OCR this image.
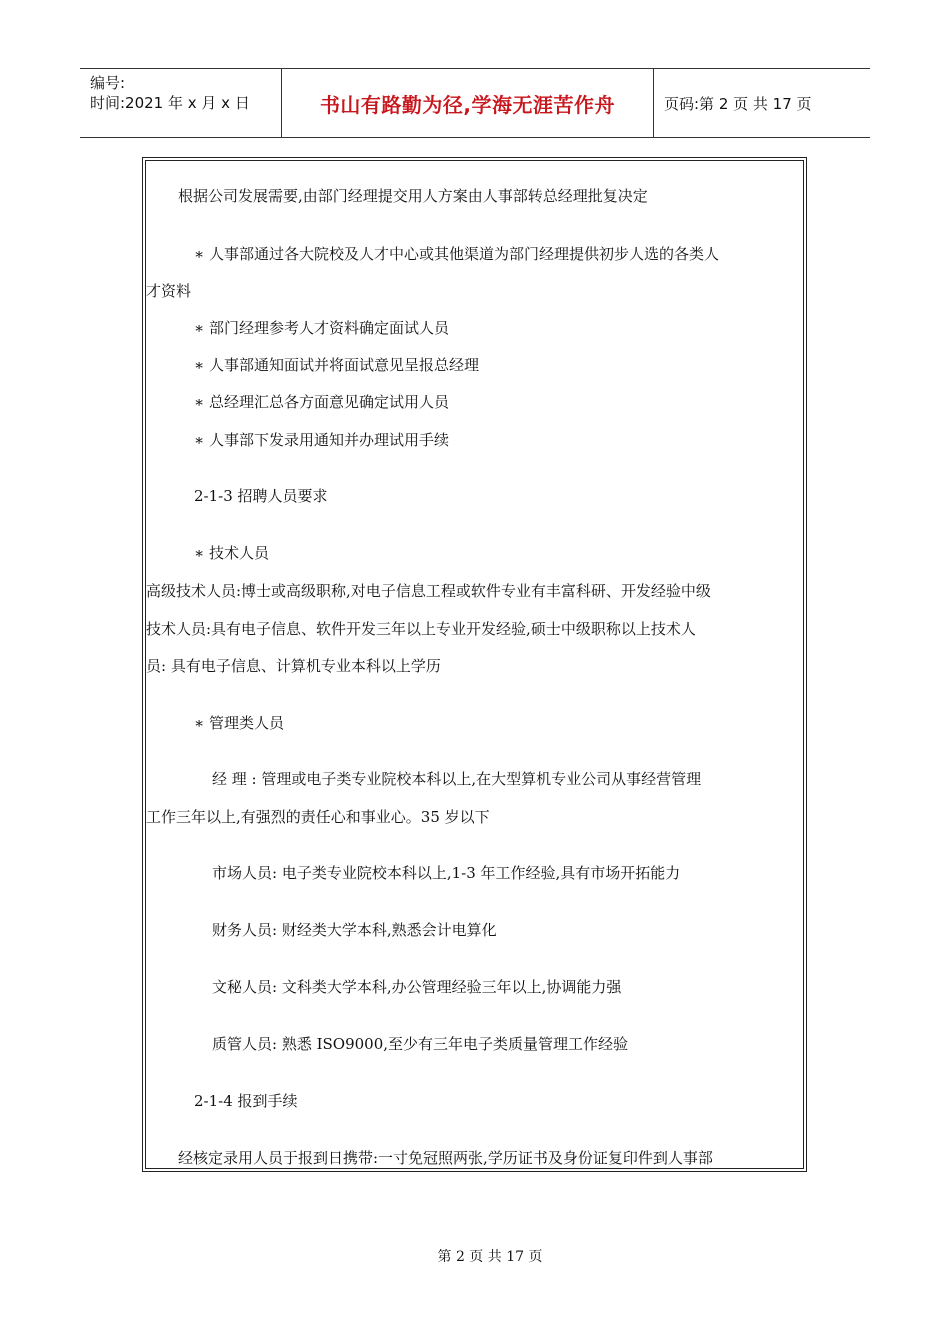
编号:
时间:2021 年 x 月 x 日	书山有路勤为径,学海无涯苦作舟	页码:第 2 页 共 17 页
根据公司发展需要,由部门经理提交用人方案由人事部转总经理批复决定
∗ 人事部通过各大院校及人才中心或其他渠道为部门经理提供初步人选的各类人
才资料
∗ 部门经理参考人才资料确定面试人员
∗ 人事部通知面试并将面试意见呈报总经理
∗ 总经理汇总各方面意见确定试用人员
∗ 人事部下发录用通知并办理试用手续
2-1-3 招聘人员要求
∗ 技术人员
高级技术人员:博士或高级职称,对电子信息工程或软件专业有丰富科研、开发经验中级
技术人员:具有电子信息、软件开发三年以上专业开发经验,硕士中级职称以上技术人
员: 具有电子信息、计算机专业本科以上学历
∗ 管理类人员
经 理 : 管理或电子类专业院校本科以上,在大型算机专业公司从事经营管理
工作三年以上,有强烈的责任心和事业心。35 岁以下
市场人员: 电子类专业院校本科以上,1-3 年工作经验,具有市场开拓能力
财务人员: 财经类大学本科,熟悉会计电算化
文秘人员: 文科类大学本科,办公管理经验三年以上,协调能力强
质管人员: 熟悉 ISO9000,至少有三年电子类质量管理工作经验
2-1-4 报到手续
经核定录用人员于报到日携带:一寸免冠照两张,学历证书及身份证复印件到人事部
第 2 页 共 17 页
